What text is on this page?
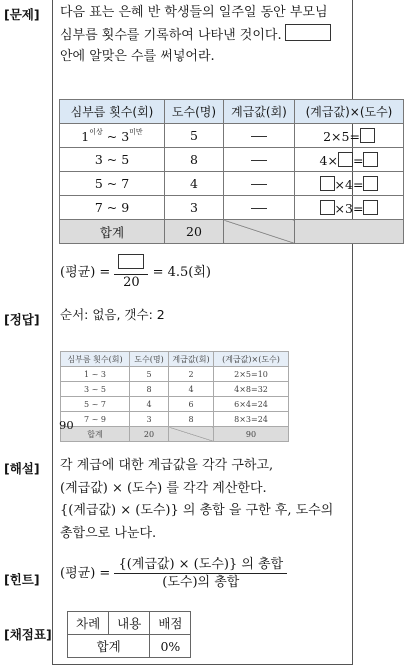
[문제] 다음 표는 은혜 반 학생들의 일주일 동안 부모님
심부름 횟수를 기록하여 나타낸 것이다.
안에 알맞은 수를 써넣어라.
심부름 횟수(회)	도수(명)	계급값(회)	(계급값)×(도수)
$1^{이상}$ ~ $3^{미만}$	5		2×5=
3 ~ 5	8		4× =
5 ~ 7	4		×4=
7 ~ 9	3		×3=
합계	20		
(평균) =
20
= 4.5(회)
[정답] 순서: 없음, 갯수: 2
심부름 횟수(회)	도수(명)	계급값(회)	(계급값)×(도수)
1 ~ 3	5	2	2×5=10
3 ~ 5	8	4	4×8=32
5 ~ 7	4	6	6×4=24
7 ~ 9	3	8	8×3=24
합계	20		90
90
[해설] 각 계급에 대한 계급값을 각각 구하고,
(계급값) × (도수) 를 각각 계산한다.
{(계급값) × (도수)} 의 총합 을 구한 후, 도수의
총합으로 나눈다.
[힌트] (평균) = $\frac{\text{\{(계급값) × (도수)\} 의 총합}}{\text{(도수)의 총합}}$
[채점표]
차례	내용	배점
합계		0%
